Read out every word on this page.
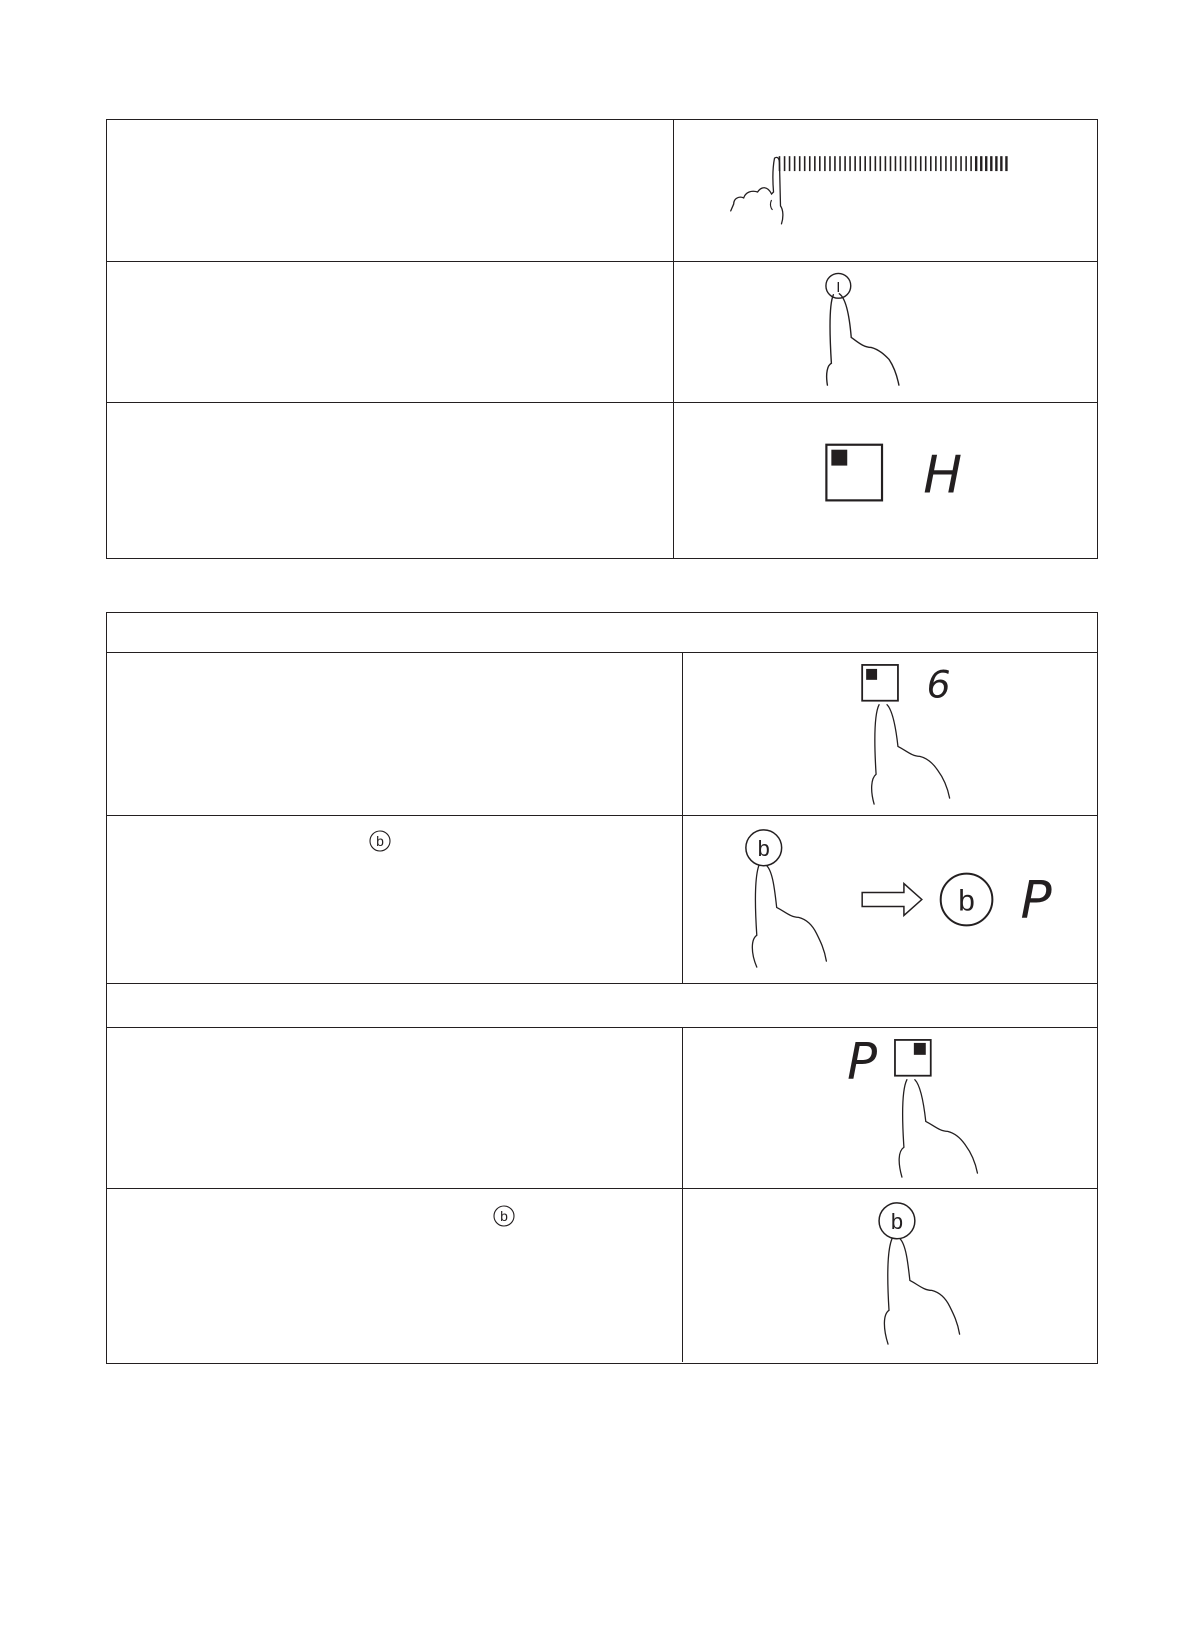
I
H
6
b	b
b P
P
b	b
